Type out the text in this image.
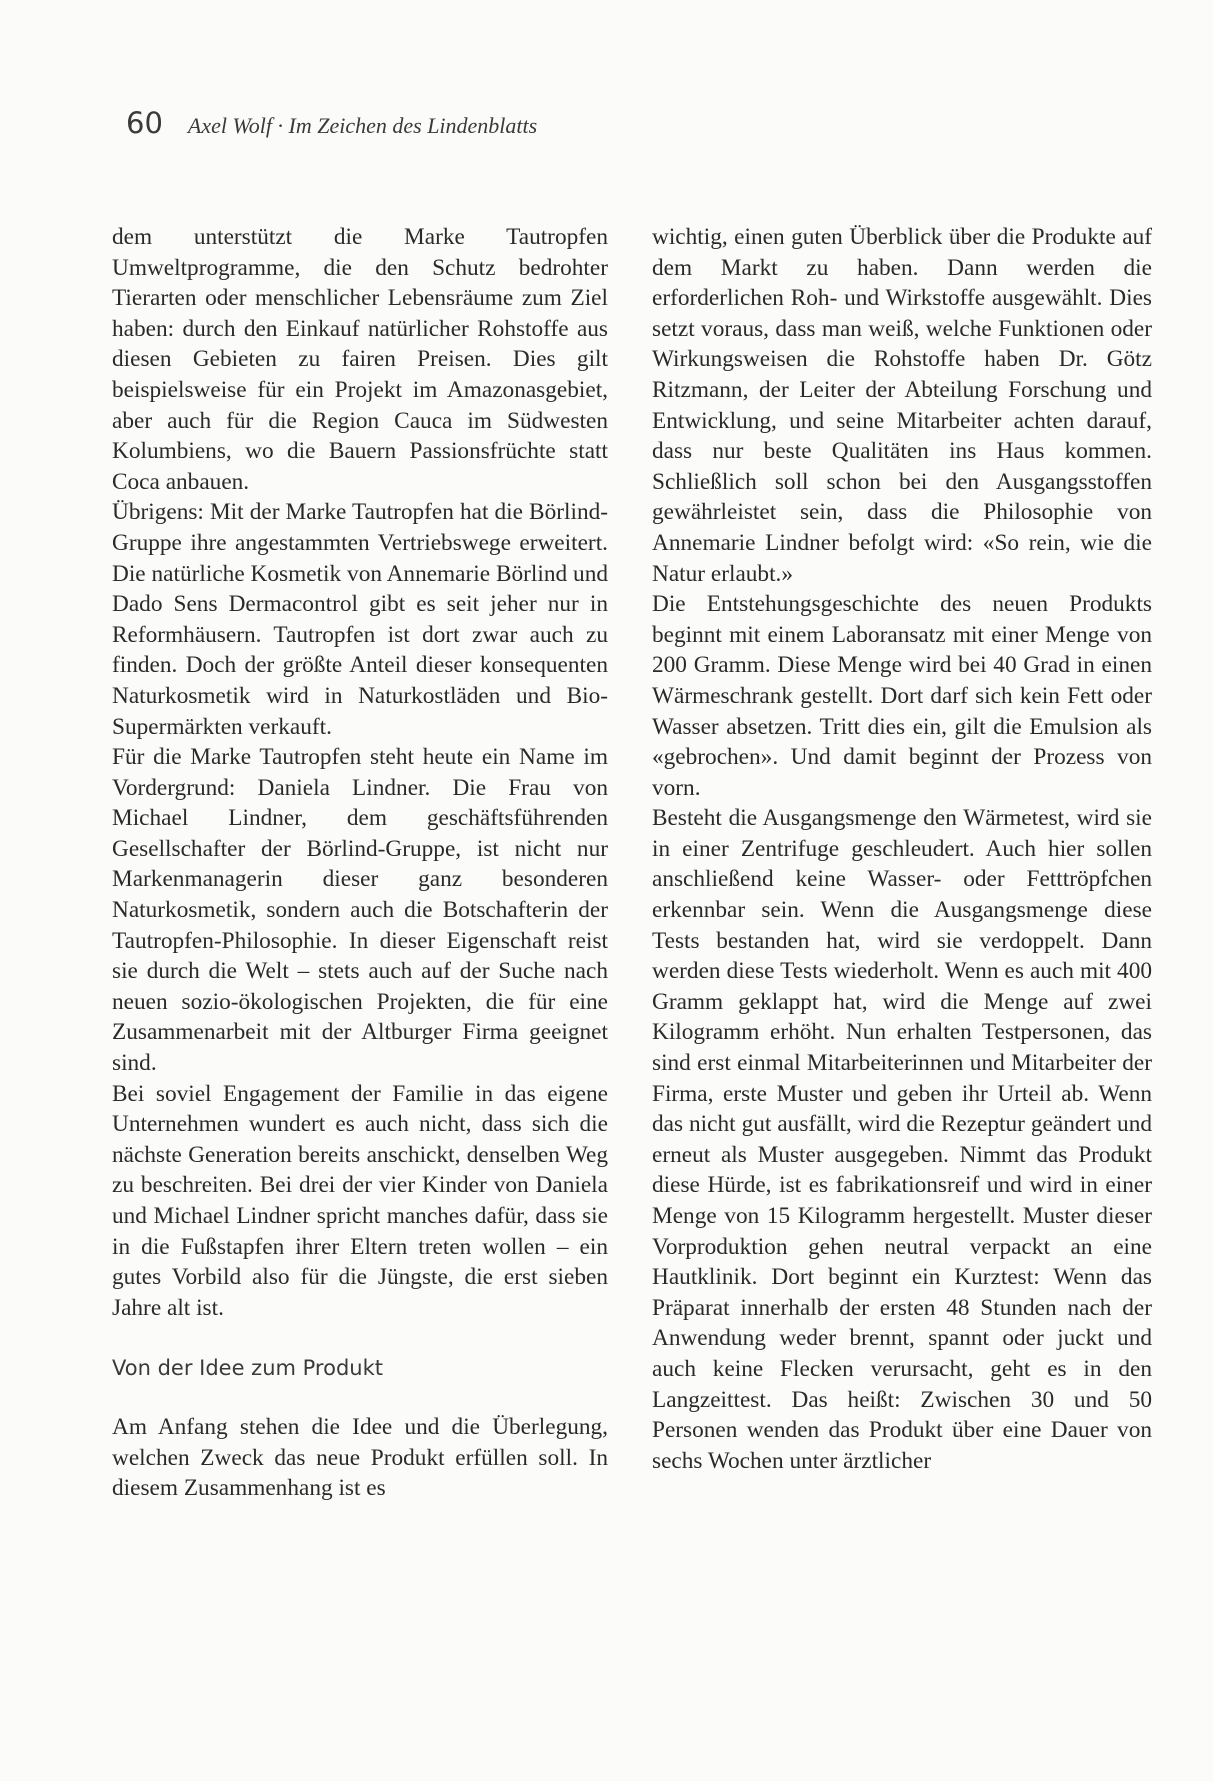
60 Axel Wolf · Im Zeichen des Lindenblatts

dem unterstützt die Marke Tautropfen Umweltprogramme, die den Schutz bedrohter Tierarten oder menschlicher Lebensräume zum Ziel haben: durch den Einkauf natürlicher Rohstoffe aus diesen Gebieten zu fairen Preisen. Dies gilt beispielsweise für ein Projekt im Amazonasgebiet, aber auch für die Region Cauca im Südwesten Kolumbiens, wo die Bauern Passionsfrüchte statt Coca anbauen.

Übrigens: Mit der Marke Tautropfen hat die Börlind-Gruppe ihre angestammten Vertriebswege erweitert. Die natürliche Kosmetik von Annemarie Börlind und Dado Sens Dermacontrol gibt es seit jeher nur in Reformhäusern. Tautropfen ist dort zwar auch zu finden. Doch der größte Anteil dieser konsequenten Naturkosmetik wird in Naturkostläden und Bio-Supermärkten verkauft.

Für die Marke Tautropfen steht heute ein Name im Vordergrund: Daniela Lindner. Die Frau von Michael Lindner, dem geschäftsführenden Gesellschafter der Börlind-Gruppe, ist nicht nur Markenmanagerin dieser ganz besonderen Naturkosmetik, sondern auch die Botschafterin der Tautropfen-Philosophie. In dieser Eigenschaft reist sie durch die Welt – stets auch auf der Suche nach neuen sozio-ökologischen Projekten, die für eine Zusammenarbeit mit der Altburger Firma geeignet sind.

Bei soviel Engagement der Familie in das eigene Unternehmen wundert es auch nicht, dass sich die nächste Generation bereits anschickt, denselben Weg zu beschreiten. Bei drei der vier Kinder von Daniela und Michael Lindner spricht manches dafür, dass sie in die Fußstapfen ihrer Eltern treten wollen – ein gutes Vorbild also für die Jüngste, die erst sieben Jahre alt ist.

Von der Idee zum Produkt

Am Anfang stehen die Idee und die Überlegung, welchen Zweck das neue Produkt erfüllen soll. In diesem Zusammenhang ist es

wichtig, einen guten Überblick über die Produkte auf dem Markt zu haben. Dann werden die erforderlichen Roh- und Wirkstoffe ausgewählt. Dies setzt voraus, dass man weiß, welche Funktionen oder Wirkungsweisen die Rohstoffe haben Dr. Götz Ritzmann, der Leiter der Abteilung Forschung und Entwicklung, und seine Mitarbeiter achten darauf, dass nur beste Qualitäten ins Haus kommen. Schließlich soll schon bei den Ausgangsstoffen gewährleistet sein, dass die Philosophie von Annemarie Lindner befolgt wird: «So rein, wie die Natur erlaubt.»

Die Entstehungsgeschichte des neuen Produkts beginnt mit einem Laboransatz mit einer Menge von 200 Gramm. Diese Menge wird bei 40 Grad in einen Wärmeschrank gestellt. Dort darf sich kein Fett oder Wasser absetzen. Tritt dies ein, gilt die Emulsion als «gebrochen». Und damit beginnt der Prozess von vorn.

Besteht die Ausgangsmenge den Wärmetest, wird sie in einer Zentrifuge geschleudert. Auch hier sollen anschließend keine Wasser- oder Fetttröpfchen erkennbar sein. Wenn die Ausgangsmenge diese Tests bestanden hat, wird sie verdoppelt. Dann werden diese Tests wiederholt. Wenn es auch mit 400 Gramm geklappt hat, wird die Menge auf zwei Kilogramm erhöht. Nun erhalten Testpersonen, das sind erst einmal Mitarbeiterinnen und Mitarbeiter der Firma, erste Muster und geben ihr Urteil ab. Wenn das nicht gut ausfällt, wird die Rezeptur geändert und erneut als Muster ausgegeben. Nimmt das Produkt diese Hürde, ist es fabrikationsreif und wird in einer Menge von 15 Kilogramm hergestellt. Muster dieser Vorproduktion gehen neutral verpackt an eine Hautklinik. Dort beginnt ein Kurztest: Wenn das Präparat innerhalb der ersten 48 Stunden nach der Anwendung weder brennt, spannt oder juckt und auch keine Flecken verursacht, geht es in den Langzeittest. Das heißt: Zwischen 30 und 50 Personen wenden das Produkt über eine Dauer von sechs Wochen unter ärztlicher
